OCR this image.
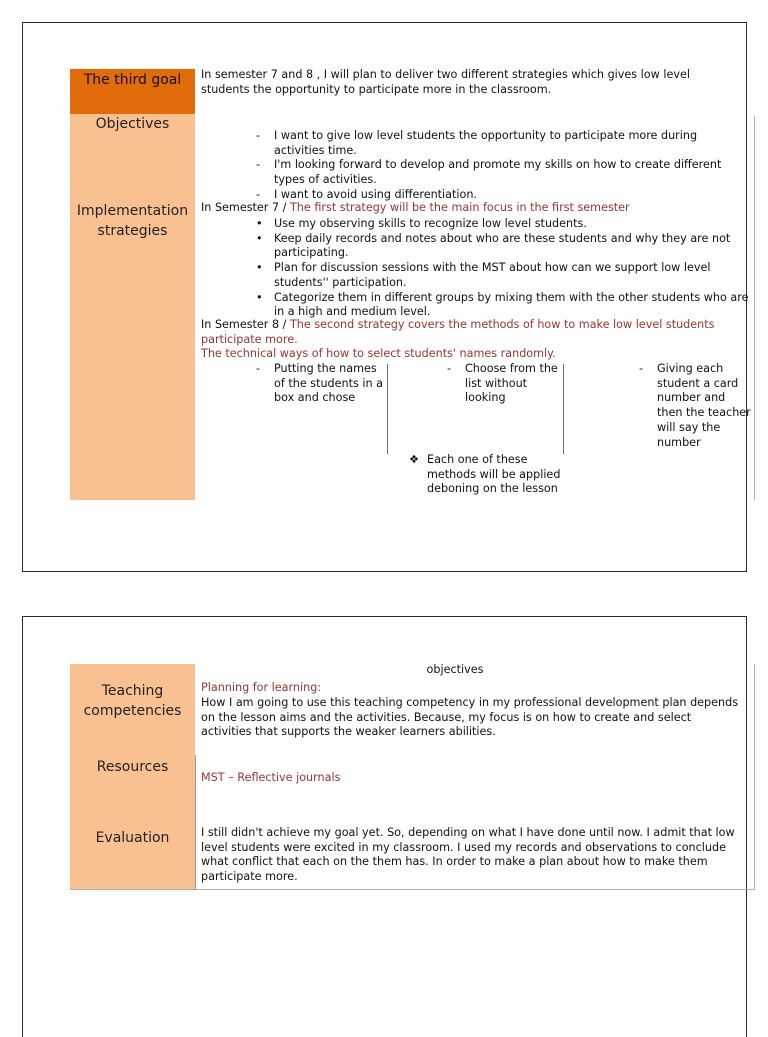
The third goal
Objectives
Implementation strategies
In semester 7 and 8 , I will plan to deliver two different strategies which gives low level students the opportunity to participate more in the classroom.
- I want to give low level students the opportunity to participate more during activities time.
- I'm looking forward to develop and promote my skills on how to create different types of activities.
- I want to avoid using differentiation.
In Semester 7 / The first strategy will be the main focus in the first semester
• Use my observing skills to recognize low level students.
• Keep daily records and notes about who are these students and why they are not participating.
• Plan for discussion sessions with the MST about how can we support low level students'' participation.
• Categorize them in different groups by mixing them with the other students who are in a high and medium level.
In Semester 8 / The second strategy covers the methods of how to make low level students participate more.
The technical ways of how to select students' names randomly.
- Putting the names of the students in a box and chose
- Choose from the list without looking
- Giving each student a card number and then the teacher will say the number
❖ Each one of these methods will be applied deboning on the lesson
Teaching competencies
Resources
Evaluation
objectives
Planning for learning:
How I am going to use this teaching competency in my professional development plan depends on the lesson aims and the activities. Because, my focus is on how to create and select activities that supports the weaker learners abilities.
MST – Reflective journals
I still didn't achieve my goal yet. So, depending on what I have done until now. I admit that low level students were excited in my classroom. I used my records and observations to conclude what conflict that each on the them has. In order to make a plan about how to make them participate more.
